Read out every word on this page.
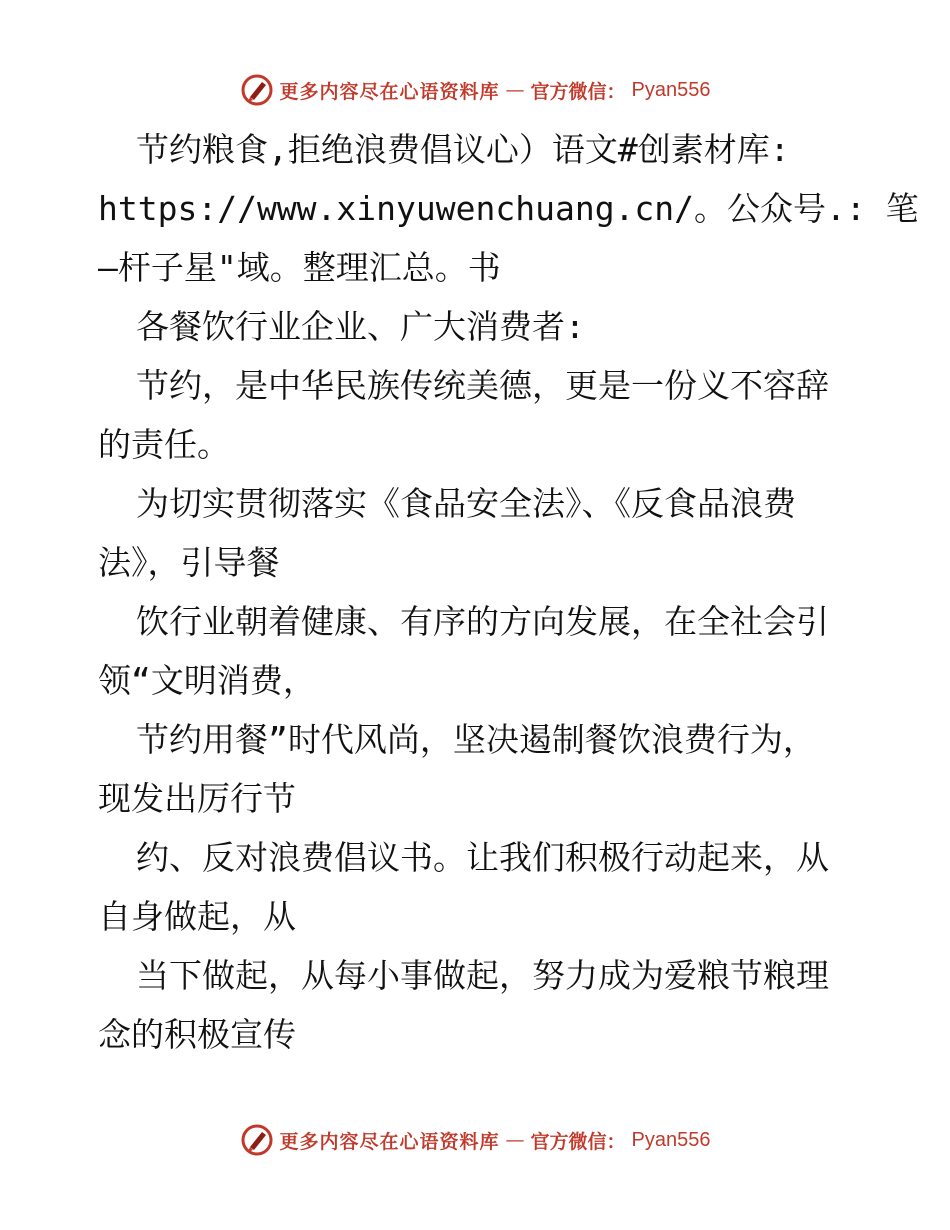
更多内容尽在心语资料库 — 官方微信： Pyan556
节约粮食,拒绝浪费倡议心）语文#创素材库:
https://www.xinyuwenchuang.cn/。公众号.: 笔
—杆子星"域。整理汇总。书
各餐饮行业企业、广大消费者:
节约，是中华民族传统美德，更是一份义不容辞
的责任。
为切实贯彻落实《食品安全法》、《反食品浪费
法》，引导餐
饮行业朝着健康、有序的方向发展，在全社会引
领“文明消费，
节约用餐”时代风尚，坚决遏制餐饮浪费行为，
现发出厉行节
约、反对浪费倡议书。让我们积极行动起来，从
自身做起，从
当下做起，从每小事做起，努力成为爱粮节粮理
念的积极宣传
更多内容尽在心语资料库 — 官方微信： Pyan556
